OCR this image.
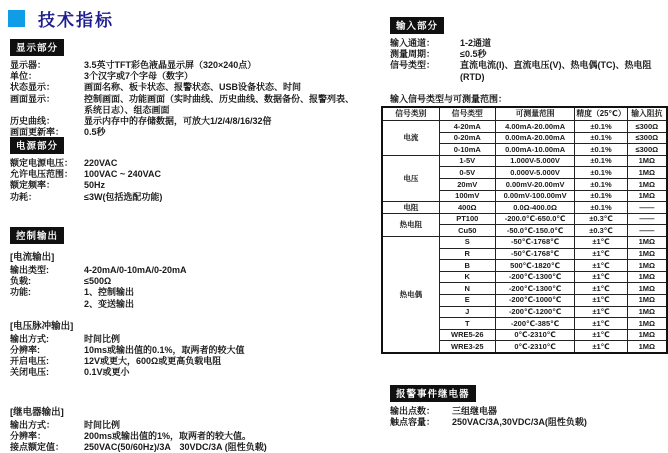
技术指标
显示部分
显示器：	3.5英寸TFT彩色液晶显示屏（320×240点）
单位：	3个汉字或7个字母（数字）
状态显示：	画面名称、板卡状态、报警状态、USB设备状态、时间
画面显示：	控制画面、功能画面（实时曲线、历史曲线、数据备份、报警列表、系统日志）、组态画面
历史曲线：	显示内存中的存储数据，可放大1/2/4/8/16/32倍
画面更新率：	0.5秒
电源部分
额定电源电压：	220VAC
允许电压范围：	100VAC ~ 240VAC
额定频率：	50Hz
功耗：	≤3W(包括选配功能)
控制输出
[电流输出]
输出类型:	4-20mA/0-10mA/0-20mA
负载:	≤500Ω
功能:	1、控制输出
2、变送输出
[电压脉冲输出]
输出方式:	时间比例
分辨率:	10ms或输出值的0.1%，取两者的较大值
开启电压:	12V或更大，600Ω或更高负载电阻
关闭电压:	0.1V或更小
[继电器输出]
输出方式：	时间比例
分辨率：	200ms或输出值的1%，取两者的较大值。
接点额定值：	250VAC(50/60Hz)/3A　30VDC/3A (阻性负载)
输入部分
输入通道：	1-2通道
测量周期：	≤0.5秒
信号类型：	直流电流(I)、直流电压(V)、热电偶(TC)、热电阻(RTD)
输入信号类型与可测量范围：
信号类别	信号类型	可测量范围	精度（25℃）	输入阻抗
电流	4-20mA	4.00mA-20.00mA	±0.1%	≤300Ω
	0-20mA	0.00mA-20.00mA	±0.1%	≤300Ω
	0-10mA	0.00mA-10.00mA	±0.1%	≤300Ω
电压	1-5V	1.000V-5.000V	±0.1%	1MΩ
	0-5V	0.000V-5.000V	±0.1%	1MΩ
	20mV	0.00mV-20.00mV	±0.1%	1MΩ
	100mV	0.00mV-100.00mV	±0.1%	1MΩ
电阻	400Ω	0.0Ω-400.0Ω	±0.1%	——
热电阻	PT100	-200.0℃-650.0℃	±0.3℃	——
	Cu50	-50.0℃-150.0℃	±0.3℃	——
热电偶	S	-50℃-1768℃	±1℃	1MΩ
	R	-50℃-1768℃	±1℃	1MΩ
	B	500℃-1820℃	±1℃	1MΩ
	K	-200℃-1300℃	±1℃	1MΩ
	N	-200℃-1300℃	±1℃	1MΩ
	E	-200℃-1000℃	±1℃	1MΩ
	J	-200℃-1200℃	±1℃	1MΩ
	T	-200℃-385℃	±1℃	1MΩ
	WRE5-26	0℃-2310℃	±1℃	1MΩ
	WRE3-25	0℃-2310℃	±1℃	1MΩ
报警事件继电器
输出点数：	三组继电器
触点容量：	250VAC/3A,30VDC/3A(阻性负载)
